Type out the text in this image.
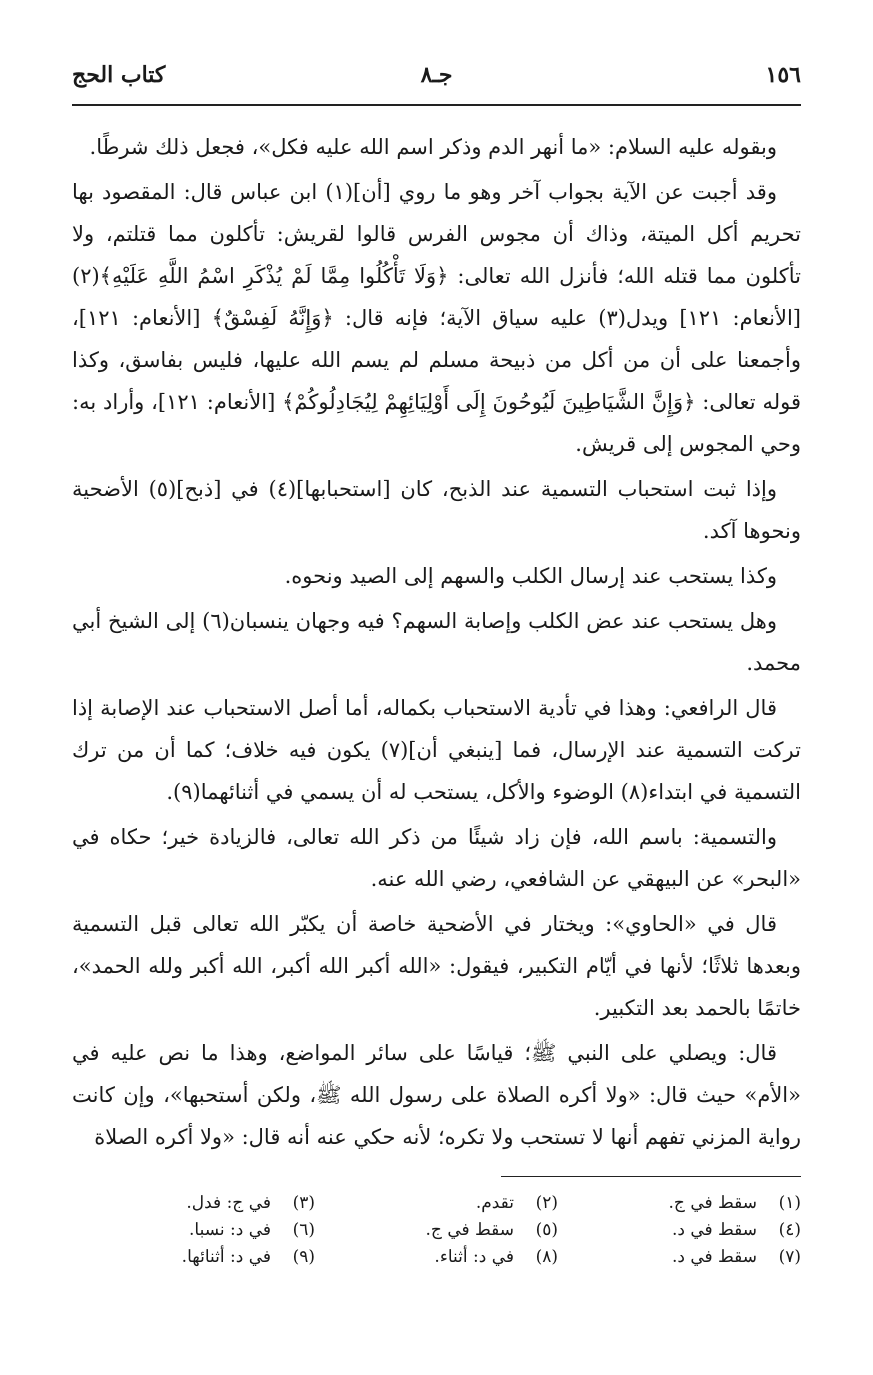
١٥٦
جـ٨
كتاب الحج

وبقوله عليه السلام: «ما أنهر الدم وذكر اسم الله عليه فكل»، فجعل ذلك شرطًا.

وقد أجبت عن الآية بجواب آخر وهو ما روي [أن](١) ابن عباس قال: المقصود بها تحريم أكل الميتة، وذاك أن مجوس الفرس قالوا لقريش: تأكلون مما قتلتم، ولا تأكلون مما قتله الله؛ فأنزل الله تعالى: ﴿وَلَا تَأْكُلُوا مِمَّا لَمْ يُذْكَرِ اسْمُ اللَّهِ عَلَيْهِ﴾(٢) [الأنعام: ١٢١] ويدل(٣) عليه سياق الآية؛ فإنه قال: ﴿وَإِنَّهُ لَفِسْقٌ﴾ [الأنعام: ١٢١]، وأجمعنا على أن من أكل من ذبيحة مسلم لم يسم الله عليها، فليس بفاسق، وكذا قوله تعالى: ﴿وَإِنَّ الشَّيَاطِينَ لَيُوحُونَ إِلَى أَوْلِيَائِهِمْ لِيُجَادِلُوكُمْ﴾ [الأنعام: ١٢١]، وأراد به: وحي المجوس إلى قريش.

وإذا ثبت استحباب التسمية عند الذبح، كان [استحبابها](٤) في [ذبح](٥) الأضحية ونحوها آكد.

وكذا يستحب عند إرسال الكلب والسهم إلى الصيد ونحوه.

وهل يستحب عند عض الكلب وإصابة السهم؟ فيه وجهان ينسبان(٦) إلى الشيخ أبي محمد.

قال الرافعي: وهذا في تأدية الاستحباب بكماله، أما أصل الاستحباب عند الإصابة إذا تركت التسمية عند الإرسال، فما [ينبغي أن](٧) يكون فيه خلاف؛ كما أن من ترك التسمية في ابتداء(٨) الوضوء والأكل، يستحب له أن يسمي في أثنائهما(٩).

والتسمية: باسم الله، فإن زاد شيئًا من ذكر الله تعالى، فالزيادة خير؛ حكاه في «البحر» عن البيهقي عن الشافعي، رضي الله عنه.

قال في «الحاوي»: ويختار في الأضحية خاصة أن يكبّر الله تعالى قبل التسمية وبعدها ثلاثًا؛ لأنها في أيّام التكبير، فيقول: «الله أكبر الله أكبر، الله أكبر ولله الحمد»، خاتمًا بالحمد بعد التكبير.

قال: ويصلي على النبي ﷺ؛ قياسًا على سائر المواضع، وهذا ما نص عليه في «الأم» حيث قال: «ولا أكره الصلاة على رسول الله ﷺ، ولكن أستحبها»، وإن كانت رواية المزني تفهم أنها لا تستحب ولا تكره؛ لأنه حكي عنه أنه قال: «ولا أكره الصلاة

(١)سقط في ج.
(٢)تقدم.
(٣)في ج: فدل.
(٤)سقط في د.
(٥)سقط في ج.
(٦)في د: نسبا.
(٧)سقط في د.
(٨)في د: أثناء.
(٩)في د: أثنائها.
